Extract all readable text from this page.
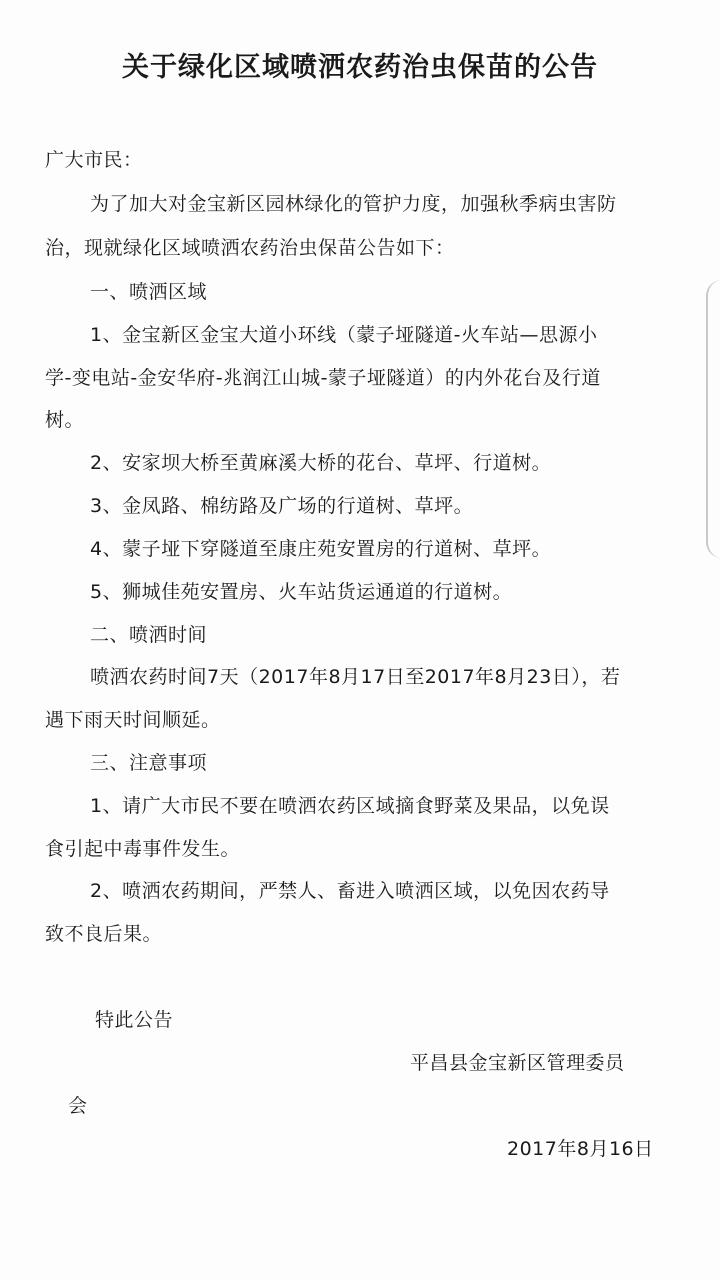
关于绿化区域喷洒农药治虫保苗的公告
广大市民：
为了加大对金宝新区园林绿化的管护力度，加强秋季病虫害防
治，现就绿化区域喷洒农药治虫保苗公告如下：
一、喷洒区域
1、金宝新区金宝大道小环线（蒙子垭隧道-火车站—思源小
学-变电站-金安华府-兆润江山城-蒙子垭隧道）的内外花台及行道
树。
2、安家坝大桥至黄麻溪大桥的花台、草坪、行道树。
3、金凤路、棉纺路及广场的行道树、草坪。
4、蒙子垭下穿隧道至康庄苑安置房的行道树、草坪。
5、狮城佳苑安置房、火车站货运通道的行道树。
二、喷洒时间
喷洒农药时间7天（2017年8月17日至2017年8月23日），若
遇下雨天时间顺延。
三、注意事项
1、请广大市民不要在喷洒农药区域摘食野菜及果品，以免误
食引起中毒事件发生。
2、喷洒农药期间，严禁人、畜进入喷洒区域，以免因农药导
致不良后果。
特此公告
平昌县金宝新区管理委员
会
2017年8月16日
